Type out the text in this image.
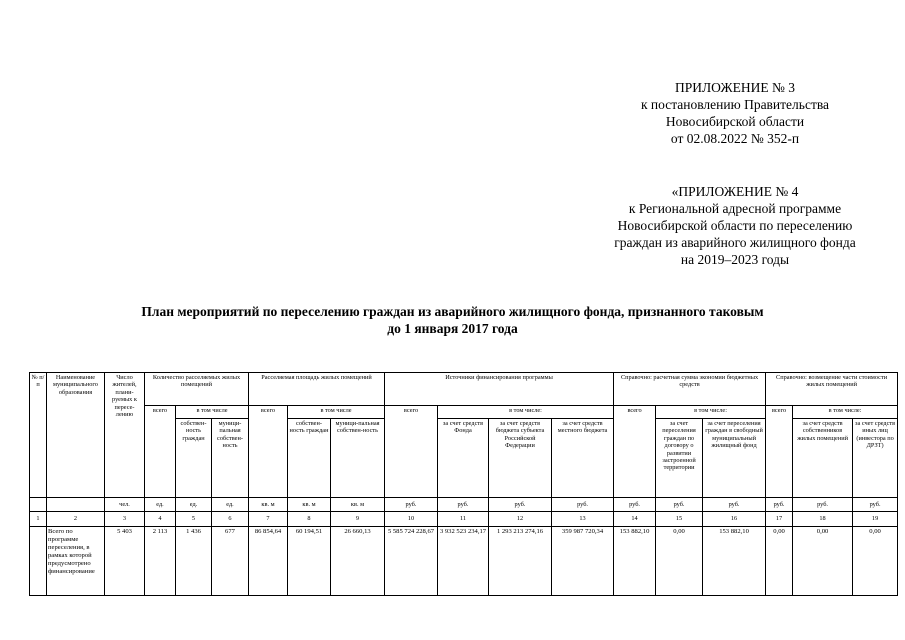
ПРИЛОЖЕНИЕ № 3
к постановлению Правительства
Новосибирской области
от 02.08.2022 № 352-п
«ПРИЛОЖЕНИЕ № 4
к Региональной адресной программе
Новосибирской области по переселению
граждан из аварийного жилищного фонда
на 2019–2023 годы
План мероприятий по переселению граждан из аварийного жилищного фонда, признанного таковым
до 1 января 2017 года
№ п/п	Наименование муниципального образования	Число жителей, плани-руемых к пересе-лению	Количество расселяемых жилых помещений			Расселяемая площадь жилых помещений			Источники финансирования программы				Справочно: расчетная сумма экономии бюджетных средств			Справочно: возмещение части стоимости жилых помещений		
			всего	в том числе		всего	в том числе		всего	в том числе:			всего	в том числе:		всего	в том числе:	
				собствен-ность граждан	муници-пальная собствен-ность		собствен-ность граждан	муници-пальная собствен-ность		за счет средств Фонда	за счет средств бюджета субъекта Российской Федерации	за счет средств местного бюджета		за счет переселения граждан по договору о развитии застроенной территории	за счет переселения граждан в свободный муниципальный жилищный фонд		за счет средств собственников жилых помещений	за счет средств иных лиц (инвестора по ДРЗТ)
		чел.	ед.	ед.	ед.	кв. м	кв. м	кв. м	руб.	руб.	руб.	руб.	руб.	руб.	руб.	руб.	руб.	руб.
1	2	3	4	5	6	7	8	9	10	11	12	13	14	15	16	17	18	19
	Всего по программе переселения, в рамках которой предусмотрено финансирование	5 403	2 113	1 436	677	86 854,64	60 194,51	26 660,13	5 585 724 228,67	3 932 523 234,17	1 293 213 274,16	359 987 720,34	153 882,10	0,00	153 882,10	0,00	0,00	0,00
